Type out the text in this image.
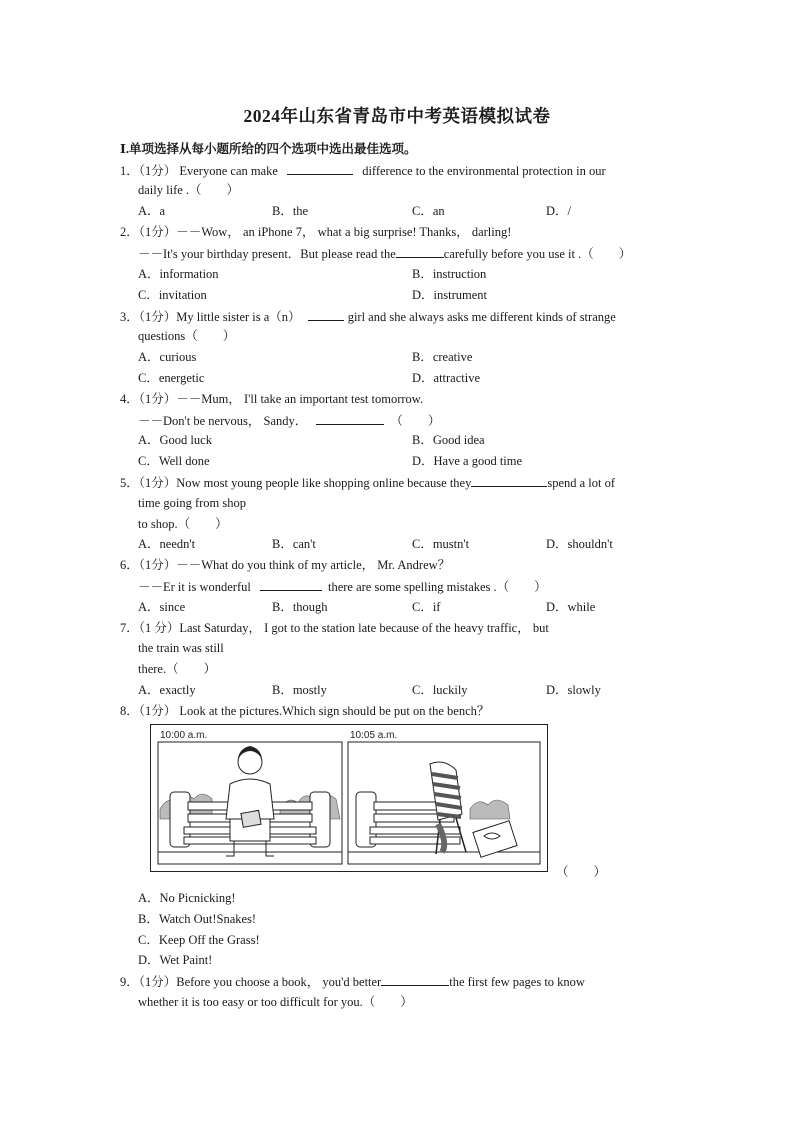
2024年山东省青岛市中考英语模拟试卷
Ⅰ.单项选择从每小题所给的四个选项中选出最佳选项。
1．（1分） Everyone can make	difference to the environmental protection in our
daily life .（　　）
A．a	B．the	C．an	D．/
2．（1分）－－Wow， an iPhone 7， what a big surprise! Thanks， darling!
－－It's your birthday present．But please read the	carefully before you use it .（　　）
A．information	B．instruction
C．invitation	D．instrument
3．（1分）My little sister is a（n）	girl and she always asks me different kinds of strange
questions（　　）
A．curious	B．creative
C．energetic	D．attractive
4．（1分）－－Mum， I'll take an important test tomorrow.
－－Don't be nervous， Sandy．	（　　）
A．Good luck	B．Good idea
C．Well done	D．Have a good time
5．（1分）Now most young people like shopping online because they	spend a lot of
time going from shop
to shop.（　　）
A．needn't	B．can't	C．mustn't	D．shouldn't
6．（1分）－－What do you think of my article， Mr. Andrew？
－－Er it is wonderful	there are some spelling mistakes .（　　）
A．since	B．though	C．if	D．while
7．（1 分）Last Saturday， I got to the station late because of the heavy traffic， but
the train was still
there.（　　）
A．exactly	B．mostly	C．luckily	D．slowly
8．（1分） Look at the pictures.Which sign should be put on the bench？
10:00 a.m.	10:05 a.m.
（　　）
A．No Picnicking!
B．Watch Out!Snakes!
C．Keep Off the Grass!
D．Wet Paint!
9．（1分）Before you choose a book， you'd better	the first few pages to know
whether it is too easy or too difficult for you.（　　）
